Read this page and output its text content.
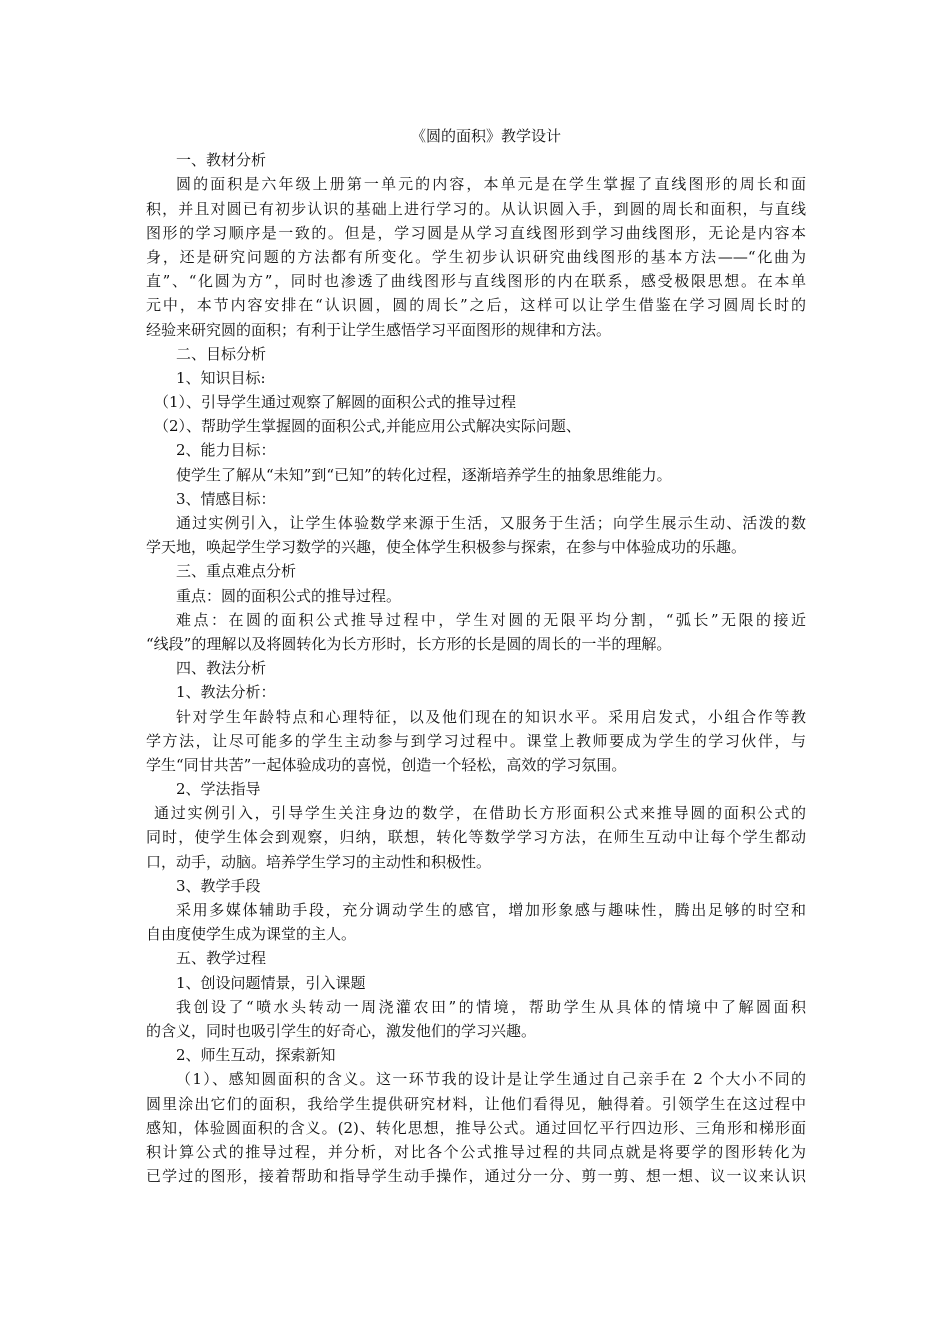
《圆的面积》教学设计
一、教材分析
圆的面积是六年级上册第一单元的内容，本单元是在学生掌握了直线图形的周长和面
积，并且对圆已有初步认识的基础上进行学习的。从认识圆入手，到圆的周长和面积，与直线
图形的学习顺序是一致的。但是，学习圆是从学习直线图形到学习曲线图形，无论是内容本
身，还是研究问题的方法都有所变化。学生初步认识研究曲线图形的基本方法——“化曲为
直”、“化圆为方”，同时也渗透了曲线图形与直线图形的内在联系，感受极限思想。在本单
元中，本节内容安排在“认识圆，圆的周长”之后，这样可以让学生借鉴在学习圆周长时的
经验来研究圆的面积；有利于让学生感悟学习平面图形的规律和方法。
二、目标分析
1、知识目标:
（1）、引导学生通过观察了解圆的面积公式的推导过程
（2）、帮助学生掌握圆的面积公式,并能应用公式解决实际问题、
2、能力目标：
使学生了解从“未知”到“已知”的转化过程，逐渐培养学生的抽象思维能力。
3、情感目标：
通过实例引入，让学生体验数学来源于生活，又服务于生活；向学生展示生动、活泼的数
学天地，唤起学生学习数学的兴趣，使全体学生积极参与探索，在参与中体验成功的乐趣。
三、重点难点分析
重点：圆的面积公式的推导过程。
难点：在圆的面积公式推导过程中，学生对圆的无限平均分割，“弧长”无限的接近
“线段”的理解以及将圆转化为长方形时，长方形的长是圆的周长的一半的理解。
四、教法分析
1、教法分析：
针对学生年龄特点和心理特征，以及他们现在的知识水平。采用启发式，小组合作等教
学方法，让尽可能多的学生主动参与到学习过程中。课堂上教师要成为学生的学习伙伴，与
学生“同甘共苦”一起体验成功的喜悦，创造一个轻松，高效的学习氛围。
2、学法指导
通过实例引入，引导学生关注身边的数学，在借助长方形面积公式来推导圆的面积公式的
同时，使学生体会到观察，归纳，联想，转化等数学学习方法，在师生互动中让每个学生都动
口，动手，动脑。培养学生学习的主动性和积极性。
3、教学手段
采用多媒体辅助手段，充分调动学生的感官，增加形象感与趣味性，腾出足够的时空和
自由度使学生成为课堂的主人。
五、教学过程
1、创设问题情景，引入课题
我创设了“喷水头转动一周浇灌农田”的情境，帮助学生从具体的情境中了解圆面积
的含义，同时也吸引学生的好奇心，激发他们的学习兴趣。
2、师生互动，探索新知
（1）、感知圆面积的含义。这一环节我的设计是让学生通过自己亲手在 2 个大小不同的
圆里涂出它们的面积，我给学生提供研究材料，让他们看得见，触得着。引领学生在这过程中
感知，体验圆面积的含义。(2)、转化思想，推导公式。通过回忆平行四边形、三角形和梯形面
积计算公式的推导过程，并分析，对比各个公式推导过程的共同点就是将要学的图形转化为
已学过的图形，接着帮助和指导学生动手操作，通过分一分、剪一剪、想一想、议一议来认识
